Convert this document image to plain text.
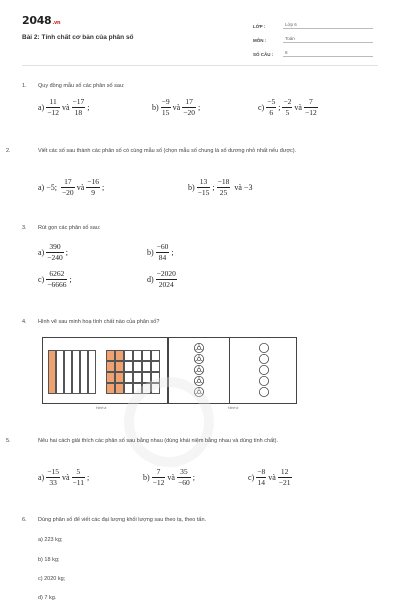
2048.vn
Bài 2: Tính chất cơ bản của phân số
LỚP :	Lớp 6
MÔN :	Toán
SỐ CÂU :	8
1. Quy đồng mẫu số các phân số sau:
a)
11
−12
và
−17
18
;	b)
−9
15
và
17
−20
;	c)
−5
6
;
−2
5
và
7
−12
2.	Viết các số sau thành các phân số có cùng mẫu số (chọn mẫu số chung là số dương nhỏ nhất nếu được).
a) −5;
17
−20
và
−16
9
;	b)
13
−15
;
−18
25
và −3
3. Rút gọn các phân số sau:
a)
390
−240
;	b)
−60
84
;
c)
6262
−6666
;	d)
−2020
2024
4. Hình vẽ sau minh hoạ tính chất nào của phân số?
Hình a	Hình b
5.	Nêu hai cách giải thích các phân số sau bằng nhau (dùng khái niệm bằng nhau và dùng tính chất).
a)
−15
33
và
5
−11
;	b)
7
−12
và
35
−60
;	c)
−8
14
và
12
−21
6. Dùng phân số để viết các đại lượng khối lượng sau theo tạ, theo tấn.
a) 223 kg;
b) 18 kg;
c) 2020 kg;
d) 7 kg.
